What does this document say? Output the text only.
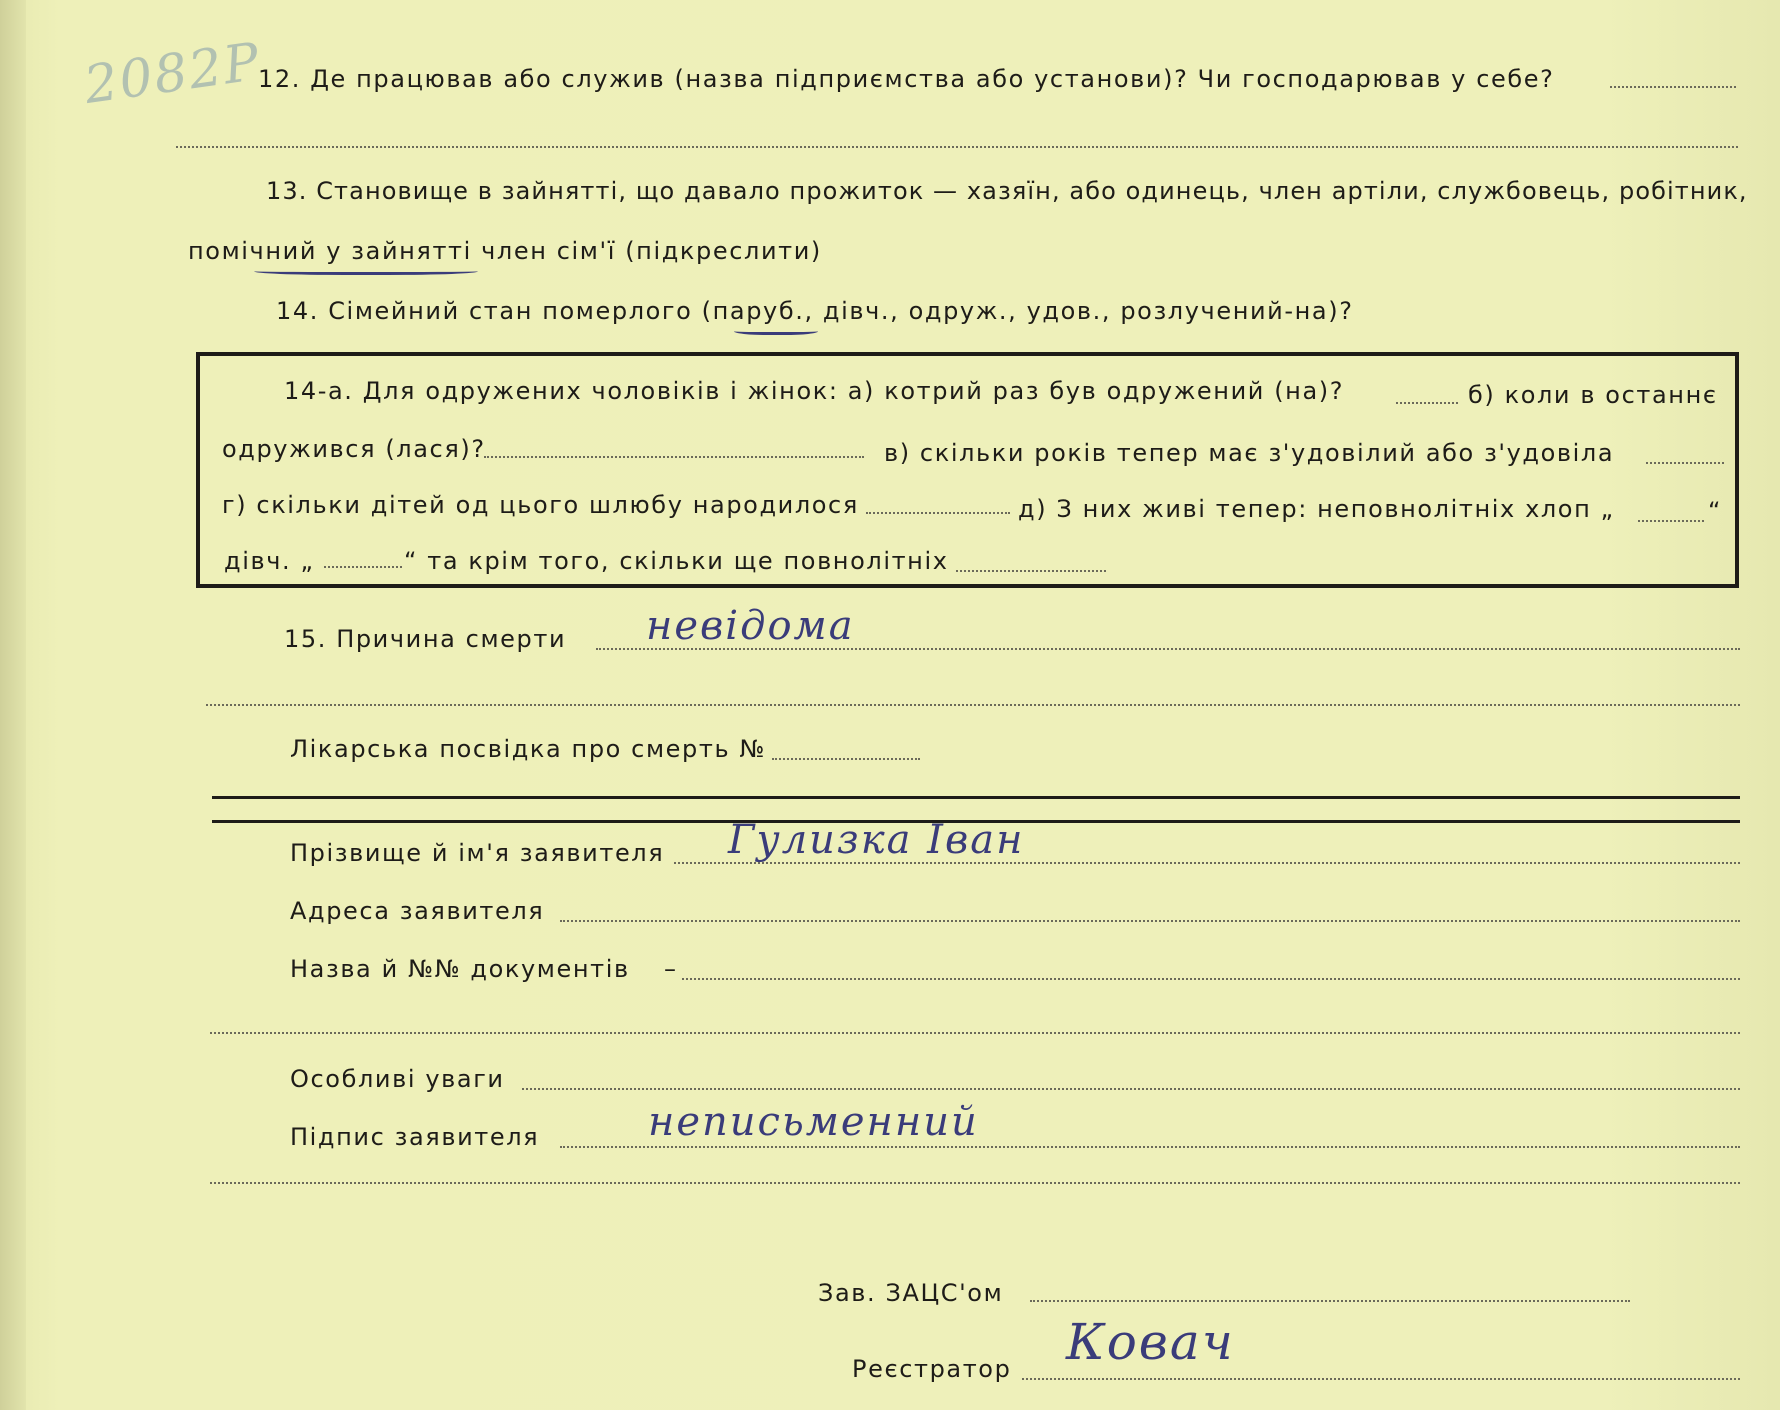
2082Р
12. Де працював або служив (назва підприємства або установи)? Чи господарював у себе?
13. Становище в зайнятті, що давало прожиток — хазяїн, або одинець, член артіли, службовець, робітник,
помічний у зайнятті член сім'ї (підкреслити)
14. Сімейний стан померлого (паруб., дівч., одруж., удов., розлучений-на)?
14-а. Для одружених чоловіків і жінок: а) котрий раз був одружений (на)?	б) коли в останнє
одружився (лася)?	в) скільки років тепер має з'удовілий або з'удовіла
г) скільки дітей од цього шлюбу народилося	д) З них живі тепер: неповнолітніх хлоп „	“
дівч. „	“ та крім того, скільки ще повнолітніх
15. Причина смерти невідома
Лікарська посвідка про смерть №
Прізвище й ім'я заявителя Гулизка Іван
Адреса заявителя
Назва й №№ документів –
Особливі уваги
Підпис заявителя	неписьменний
Зав. ЗАЦС'ом
Реєстратор Ковач
